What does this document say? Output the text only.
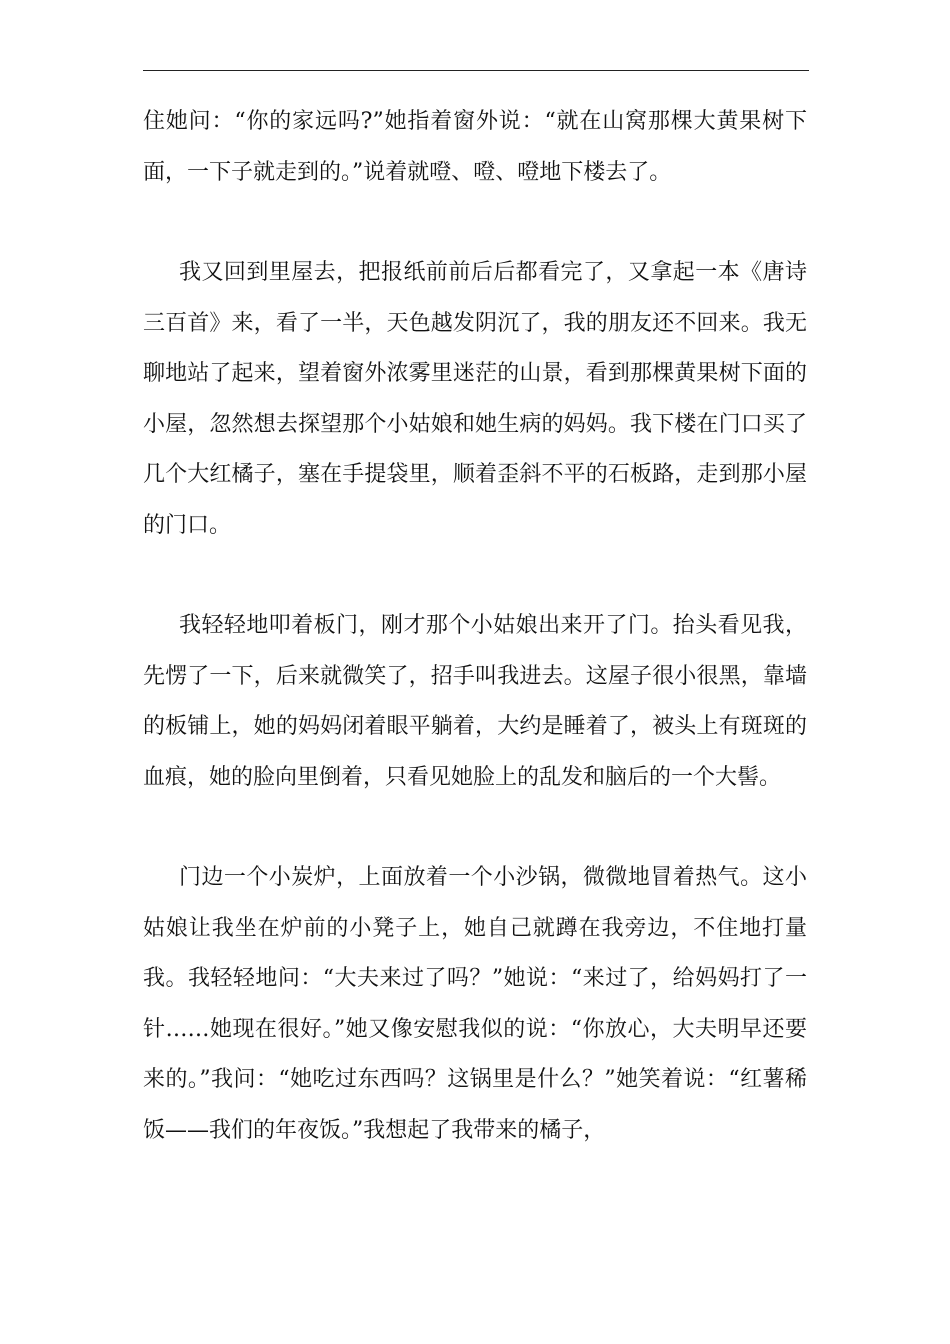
住她问：“你的家远吗?”她指着窗外说：“就在山窝那棵大黄果树下面，一下子就走到的。”说着就噔、噔、噔地下楼去了。

我又回到里屋去，把报纸前前后后都看完了，又拿起一本《唐诗三百首》来，看了一半，天色越发阴沉了，我的朋友还不回来。我无聊地站了起来，望着窗外浓雾里迷茫的山景，看到那棵黄果树下面的小屋，忽然想去探望那个小姑娘和她生病的妈妈。我下楼在门口买了几个大红橘子，塞在手提袋里，顺着歪斜不平的石板路，走到那小屋的门口。

我轻轻地叩着板门，刚才那个小姑娘出来开了门。抬头看见我，先愣了一下，后来就微笑了，招手叫我进去。这屋子很小很黑，靠墙的板铺上，她的妈妈闭着眼平躺着，大约是睡着了，被头上有斑斑的血痕，她的脸向里倒着，只看见她脸上的乱发和脑后的一个大髻。

门边一个小炭炉，上面放着一个小沙锅，微微地冒着热气。这小姑娘让我坐在炉前的小凳子上，她自己就蹲在我旁边，不住地打量我。我轻轻地问：“大夫来过了吗？”她说：“来过了，给妈妈打了一针……她现在很好。”她又像安慰我似的说：“你放心，大夫明早还要来的。”我问：“她吃过东西吗？这锅里是什么？”她笑着说：“红薯稀饭——我们的年夜饭。”我想起了我带来的橘子，
